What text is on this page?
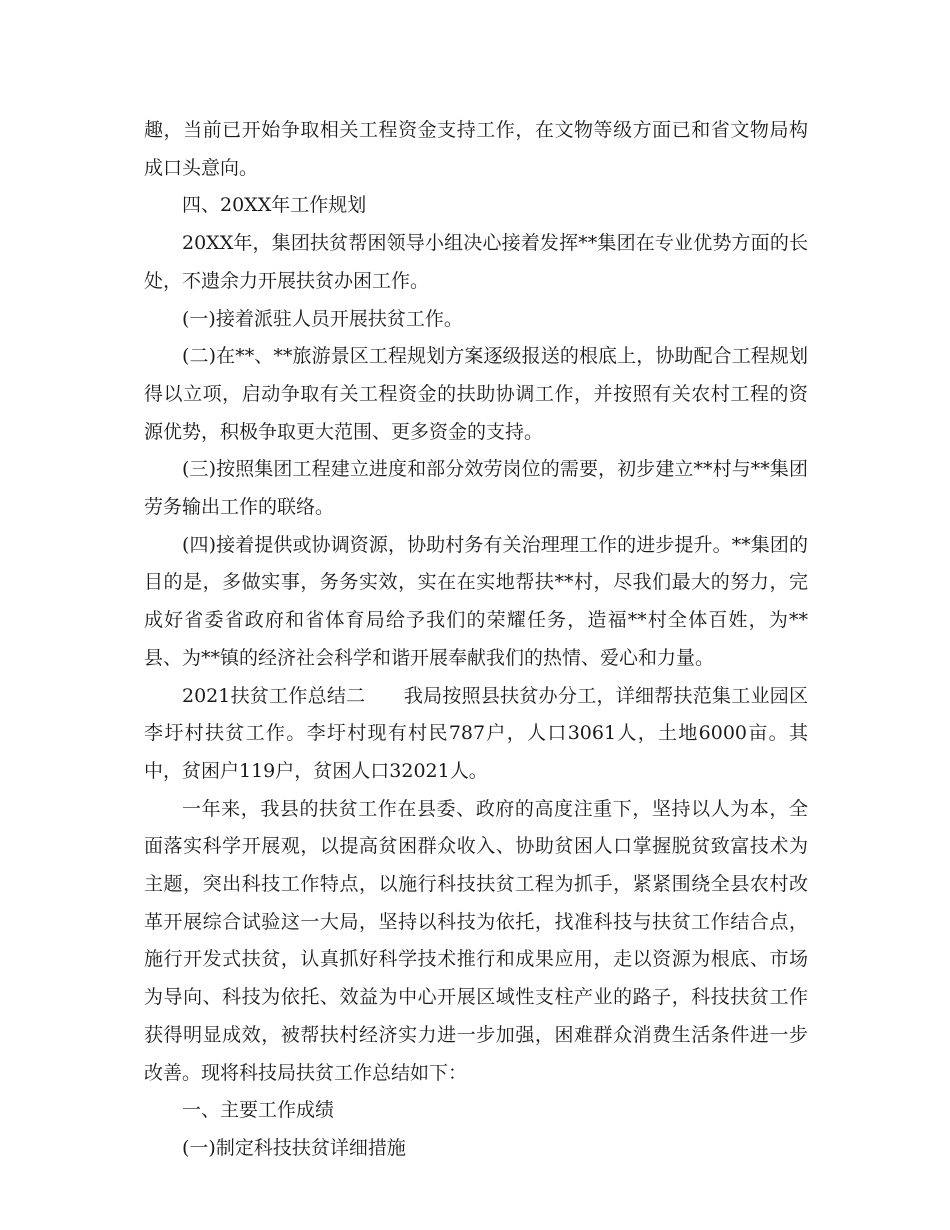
趣，当前已开始争取相关工程资金支持工作，在文物等级方面已和省文物局构成口头意向。

四、20XX年工作规划

20XX年，集团扶贫帮困领导小组决心接着发挥**集团在专业优势方面的长处，不遗余力开展扶贫办困工作。

(一)接着派驻人员开展扶贫工作。

(二)在**、**旅游景区工程规划方案逐级报送的根底上，协助配合工程规划得以立项，启动争取有关工程资金的扶助协调工作，并按照有关农村工程的资源优势，积极争取更大范围、更多资金的支持。

(三)按照集团工程建立进度和部分效劳岗位的需要，初步建立**村与**集团劳务输出工作的联络。

(四)接着提供或协调资源，协助村务有关治理理工作的进步提升。**集团的目的是，多做实事，务务实效，实在在实地帮扶**村，尽我们最大的努力，完成好省委省政府和省体育局给予我们的荣耀任务，造福**村全体百姓，为**县、为**镇的经济社会科学和谐开展奉献我们的热情、爱心和力量。

2021扶贫工作总结二　　我局按照县扶贫办分工，详细帮扶范集工业园区李圩村扶贫工作。李圩村现有村民787户，人口3061人，土地6000亩。其中，贫困户119户，贫困人口32021人。

一年来，我县的扶贫工作在县委、政府的高度注重下，坚持以人为本，全面落实科学开展观，以提高贫困群众收入、协助贫困人口掌握脱贫致富技术为主题，突出科技工作特点，以施行科技扶贫工程为抓手，紧紧围绕全县农村改革开展综合试验这一大局，坚持以科技为依托，找准科技与扶贫工作结合点，施行开发式扶贫，认真抓好科学技术推行和成果应用，走以资源为根底、市场为导向、科技为依托、效益为中心开展区域性支柱产业的路子，科技扶贫工作获得明显成效，被帮扶村经济实力进一步加强，困难群众消费生活条件进一步改善。现将科技局扶贫工作总结如下：

一、主要工作成绩

(一)制定科技扶贫详细措施
